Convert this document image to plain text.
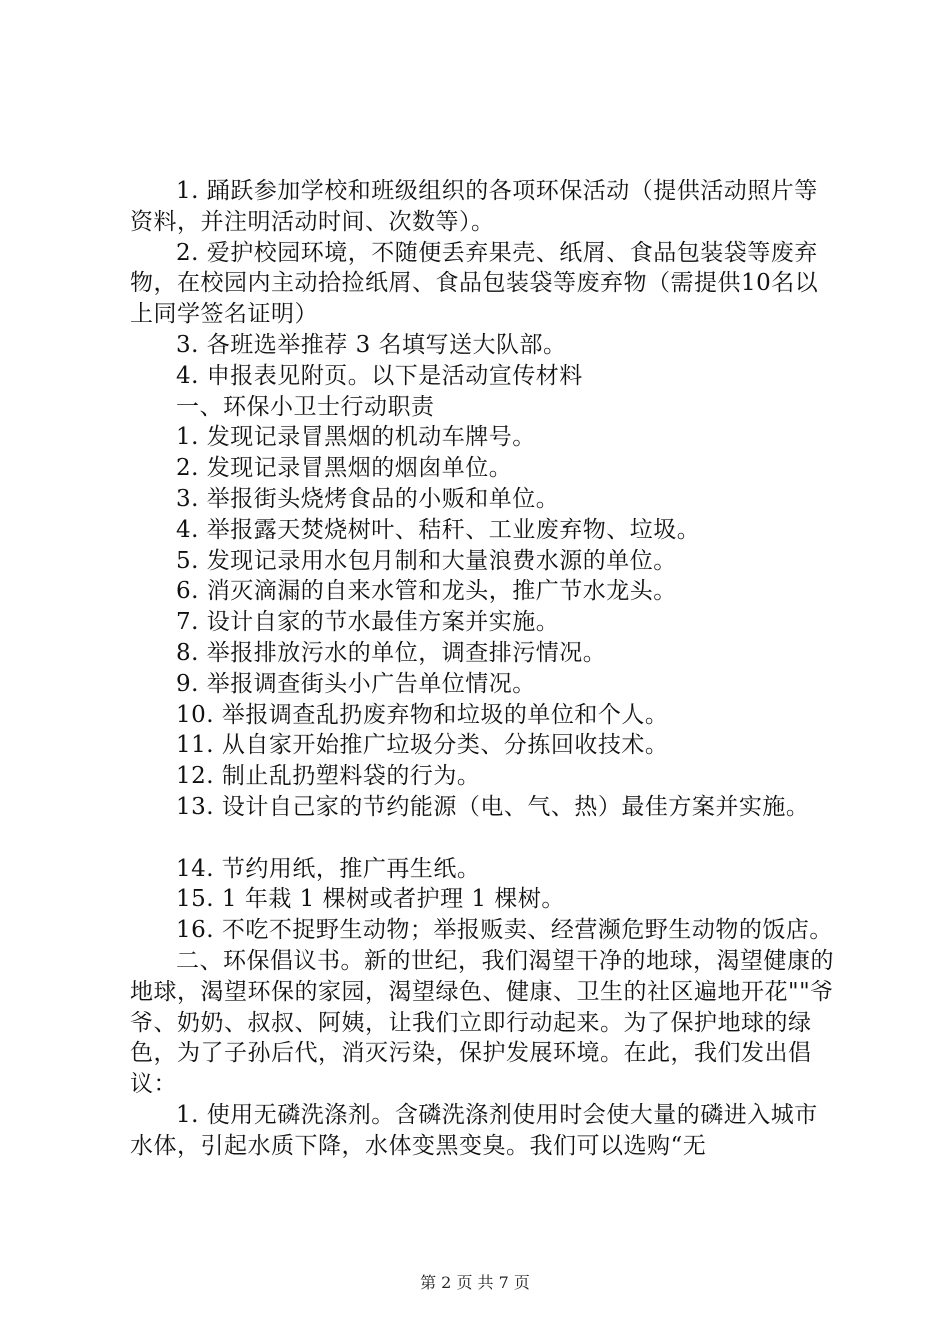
1. 踊跃参加学校和班级组织的各项环保活动（提供活动照片等资料，并注明活动时间、次数等）。

2. 爱护校园环境，不随便丢弃果壳、纸屑、食品包装袋等废弃物，在校园内主动拾捡纸屑、食品包装袋等废弃物（需提供10名以上同学签名证明）

3. 各班选举推荐 3 名填写送大队部。

4. 申报表见附页。以下是活动宣传材料

一、环保小卫士行动职责

1. 发现记录冒黑烟的机动车牌号。

2. 发现记录冒黑烟的烟囱单位。

3. 举报街头烧烤食品的小贩和单位。

4. 举报露天焚烧树叶、秸秆、工业废弃物、垃圾。

5. 发现记录用水包月制和大量浪费水源的单位。

6. 消灭滴漏的自来水管和龙头，推广节水龙头。

7. 设计自家的节水最佳方案并实施。

8. 举报排放污水的单位，调查排污情况。

9. 举报调查街头小广告单位情况。

10. 举报调查乱扔废弃物和垃圾的单位和个人。

11. 从自家开始推广垃圾分类、分拣回收技术。

12. 制止乱扔塑料袋的行为。

13. 设计自己家的节约能源（电、气、热）最佳方案并实施。

14. 节约用纸，推广再生纸。

15. 1 年栽 1 棵树或者护理 1 棵树。

16. 不吃不捉野生动物；举报贩卖、经营濒危野生动物的饭店。

二、环保倡议书。新的世纪，我们渴望干净的地球，渴望健康的地球，渴望环保的家园，渴望绿色、健康、卫生的社区遍地开花""爷爷、奶奶、叔叔、阿姨，让我们立即行动起来。为了保护地球的绿色，为了子孙后代，消灭污染，保护发展环境。在此，我们发出倡议：

1. 使用无磷洗涤剂。含磷洗涤剂使用时会使大量的磷进入城市水体，引起水质下降，水体变黑变臭。我们可以选购“无

第 2 页 共 7 页
